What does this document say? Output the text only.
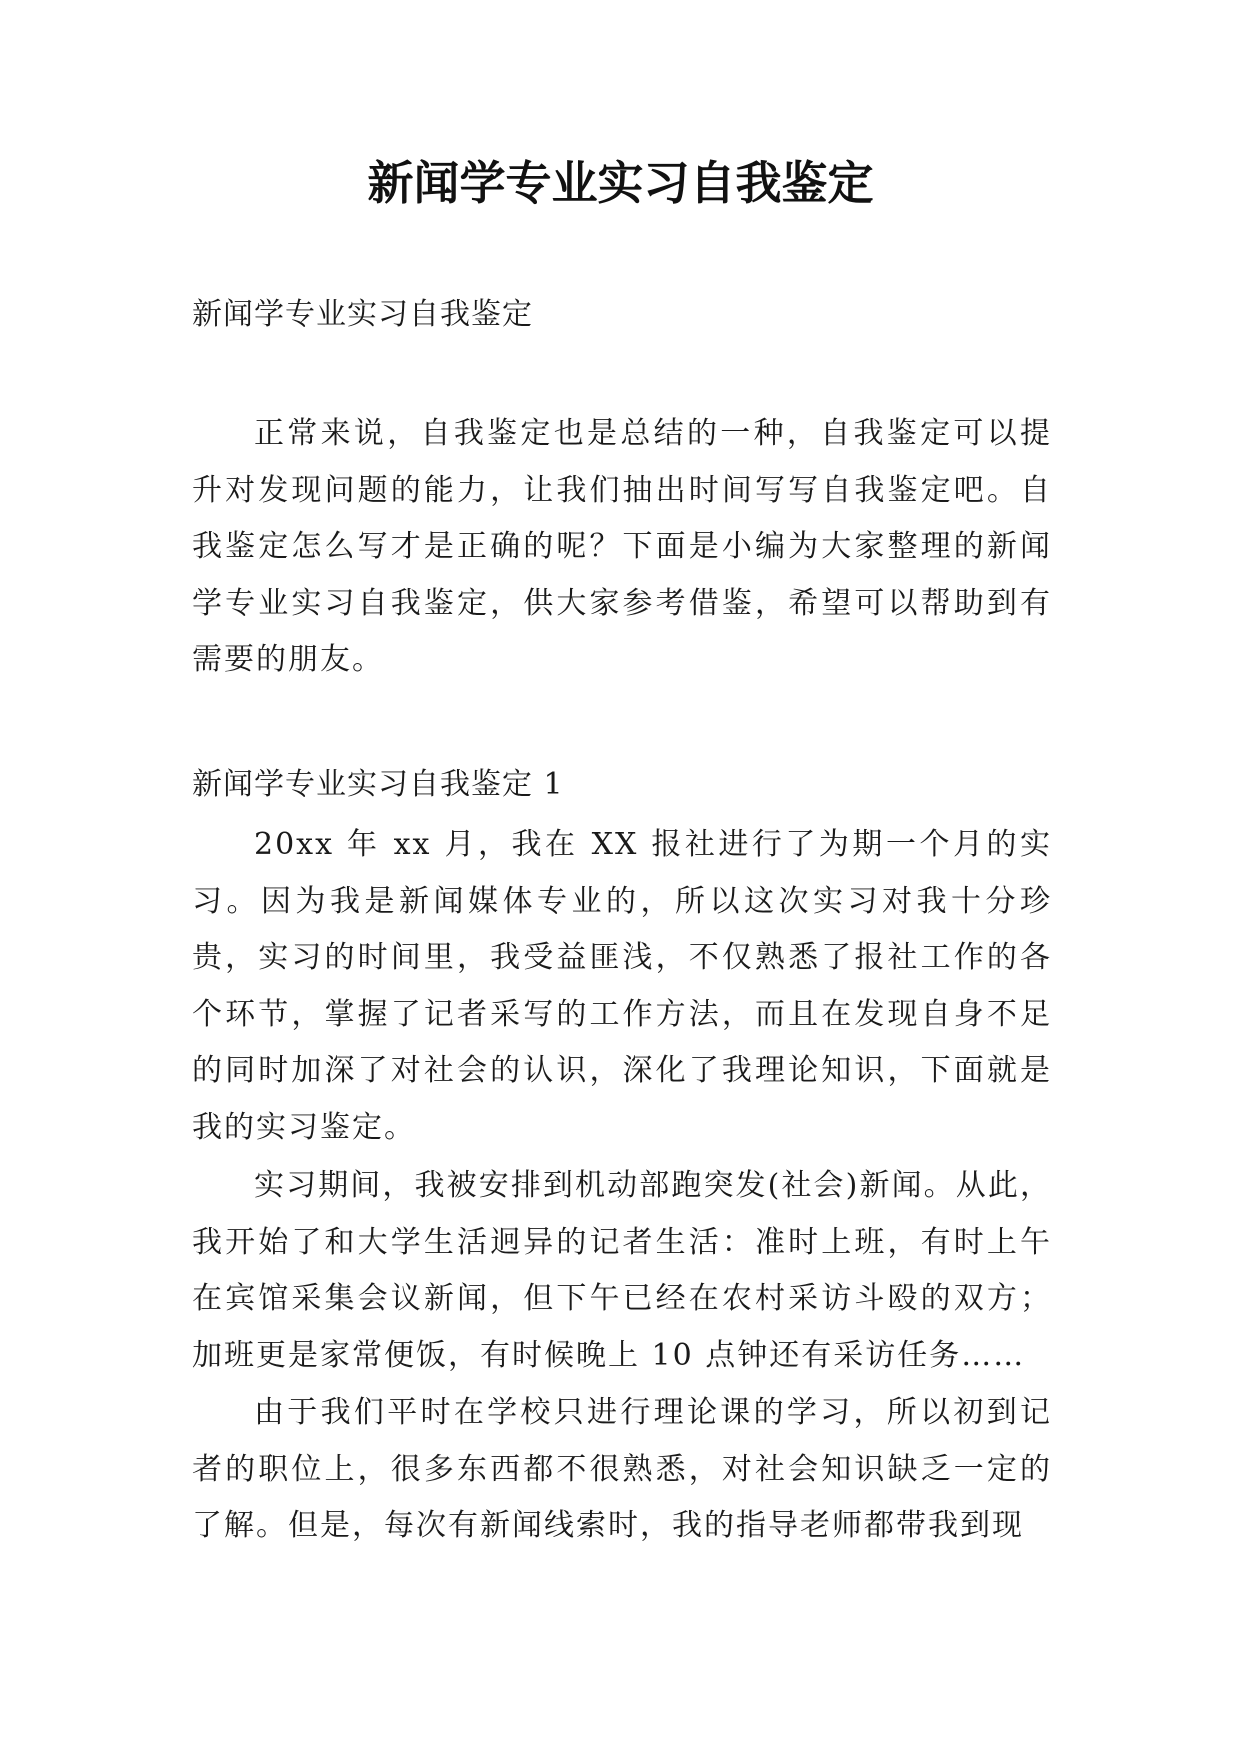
新闻学专业实习自我鉴定

新闻学专业实习自我鉴定

正常来说，自我鉴定也是总结的一种，自我鉴定可以提升对发现问题的能力，让我们抽出时间写写自我鉴定吧。自我鉴定怎么写才是正确的呢？下面是小编为大家整理的新闻学专业实习自我鉴定，供大家参考借鉴，希望可以帮助到有需要的朋友。

新闻学专业实习自我鉴定 1

20xx 年 xx 月，我在 XX 报社进行了为期一个月的实习。因为我是新闻媒体专业的，所以这次实习对我十分珍贵，实习的时间里，我受益匪浅，不仅熟悉了报社工作的各个环节，掌握了记者采写的工作方法，而且在发现自身不足的同时加深了对社会的认识，深化了我理论知识，下面就是我的实习鉴定。

实习期间，我被安排到机动部跑突发(社会)新闻。从此，我开始了和大学生活迥异的记者生活：准时上班，有时上午在宾馆采集会议新闻，但下午已经在农村采访斗殴的双方；加班更是家常便饭，有时候晚上 10 点钟还有采访任务……

由于我们平时在学校只进行理论课的学习，所以初到记者的职位上，很多东西都不很熟悉，对社会知识缺乏一定的了解。但是，每次有新闻线索时，我的指导老师都带我到现
